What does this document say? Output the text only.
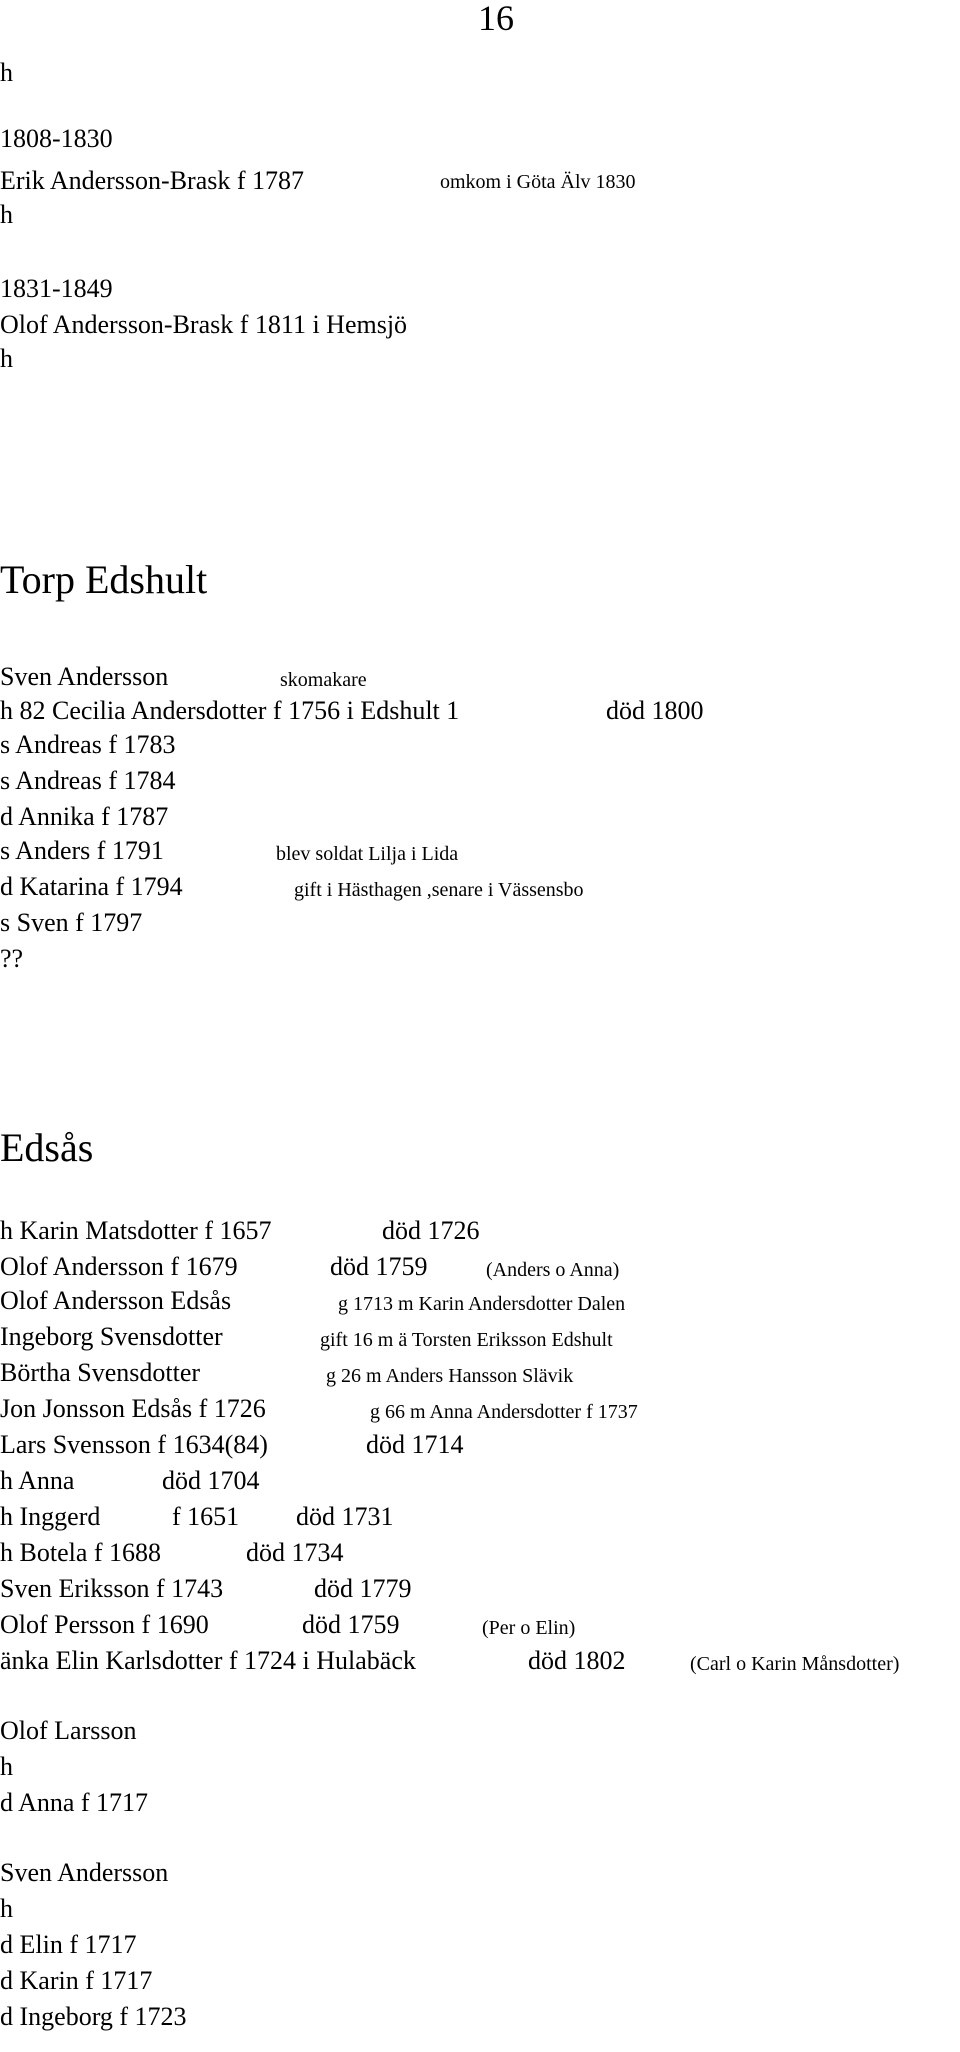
16
h
1808-1830
Erik Andersson-Brask f 1787	omkom i Göta Älv 1830
h
1831-1849
Olof Andersson-Brask f 1811 i Hemsjö
h
Torp Edshult
Sven Andersson	skomakare
h 82 Cecilia Andersdotter f 1756 i Edshult 1	död 1800
s Andreas f 1783
s Andreas f 1784
d Annika f 1787
s Anders f 1791	blev soldat Lilja i Lida
d Katarina f 1794	gift i Hästhagen ,senare i Vässensbo
s Sven f 1797
??
Edsås
h Karin Matsdotter f 1657	död 1726
Olof Andersson f 1679	död 1759	(Anders o Anna)
Olof Andersson Edsås	g 1713 m Karin Andersdotter Dalen
Ingeborg Svensdotter	gift 16 m ä Torsten Eriksson Edshult
Börtha Svensdotter	g 26 m Anders Hansson Slävik
Jon Jonsson Edsås f 1726	g 66 m Anna Andersdotter f 1737
Lars Svensson f 1634(84)	död 1714
h Anna	död 1704
h Inggerd	f 1651 död 1731
h Botela f 1688	död 1734
Sven Eriksson f 1743	död 1779
Olof Persson f 1690	död 1759	(Per o Elin)
änka Elin Karlsdotter f 1724 i Hulabäck	död 1802	(Carl o Karin Månsdotter)
Olof Larsson
h
d Anna f 1717
Sven Andersson
h
d Elin f 1717
d Karin f 1717
d Ingeborg f 1723
